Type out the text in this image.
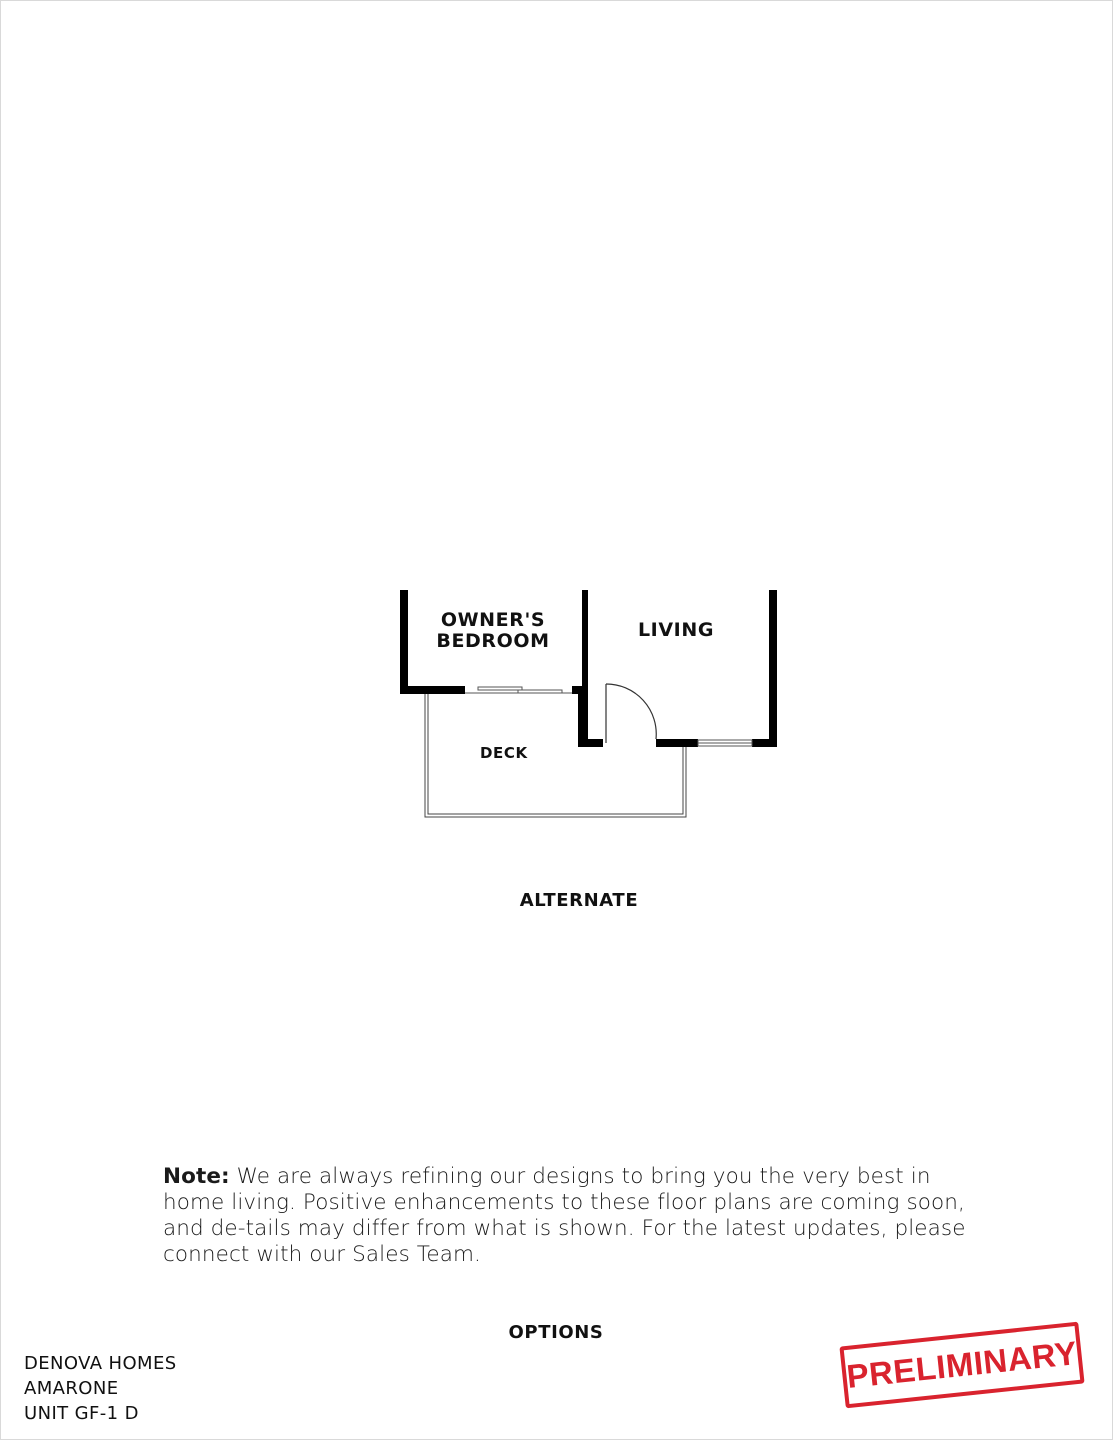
OWNER'S
BEDROOM	LIVING
DECK
ALTERNATE
Note: We are always refining our designs to bring you the very best in home living. Positive enhancements to these floor plans are coming soon, and de-tails may differ from what is shown. For the latest updates, please connect with our Sales Team.
OPTIONS
DENOVA HOMES
AMARONE
UNIT GF-1 D
PRELIMINARY
